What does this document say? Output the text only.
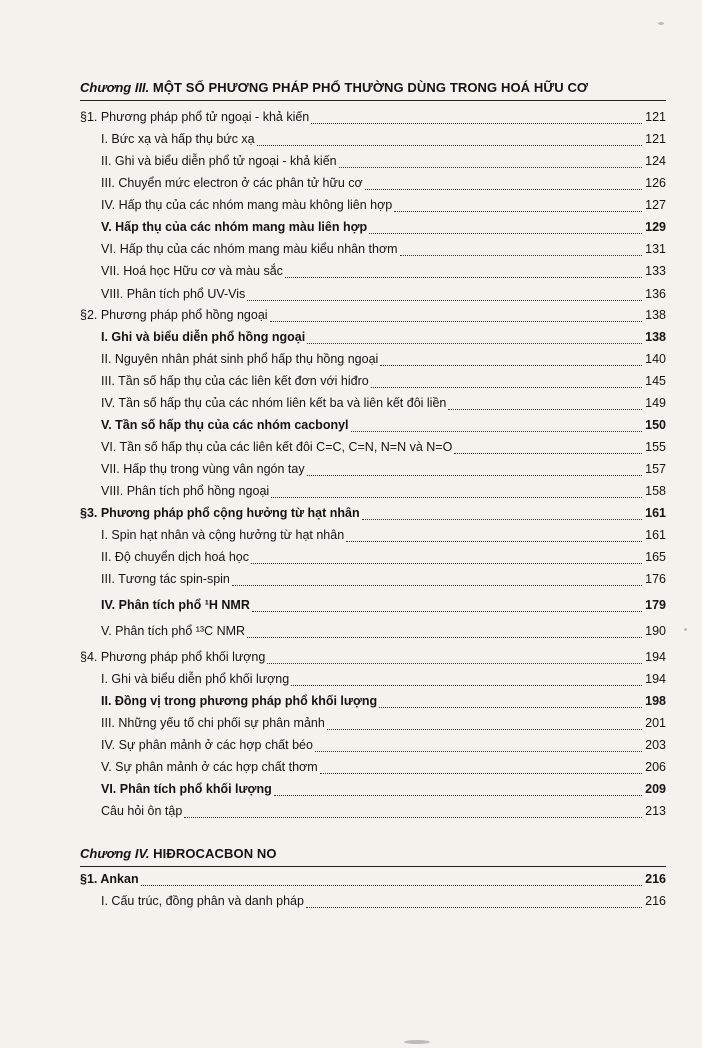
Chương III. MỘT SỐ PHƯƠNG PHÁP PHỔ THƯỜNG DÙNG TRONG HOÁ HỮU CƠ
§1. Phương pháp phổ tử ngoại - khả kiến	121
I. Bức xạ và hấp thụ bức xạ	121
II. Ghi và biểu diễn phổ tử ngoại - khả kiến	124
III. Chuyển mức electron ở các phân tử hữu cơ	126
IV. Hấp thụ của các nhóm mang màu không liên hợp	127
V. Hấp thụ của các nhóm mang màu liên hợp	129
VI. Hấp thụ của các nhóm mang màu kiểu nhân thơm	131
VII. Hoá học Hữu cơ và màu sắc	133
VIII. Phân tích phổ UV-Vis	136
§2. Phương pháp phổ hồng ngoại	138
I. Ghi và biểu diễn phổ hồng ngoại	138
II. Nguyên nhân phát sinh phổ hấp thụ hồng ngoại	140
III. Tần số hấp thụ của các liên kết đơn với hiđro	145
IV. Tần số hấp thụ của các nhóm liên kết ba và liên kết đôi liền	149
V. Tần số hấp thụ của các nhóm cacbonyl	150
VI. Tần số hấp thụ của các liên kết đôi C=C, C=N, N=N và N=O	155
VII. Hấp thụ trong vùng vân ngón tay	157
VIII. Phân tích phổ hồng ngoại	158
§3. Phương pháp phổ cộng hưởng từ hạt nhân	161
I. Spin hạt nhân và cộng hưởng từ hạt nhân	161
II. Độ chuyển dịch hoá học	165
III. Tương tác spin-spin	176
IV. Phân tích phổ ¹H NMR	179
V. Phân tích phổ ¹³C NMR	190
§4. Phương pháp phổ khối lượng	194
I. Ghi và biểu diễn phổ khối lượng	194
II. Đồng vị trong phương pháp phổ khối lượng	198
III. Những yếu tố chi phối sự phân mảnh	201
IV. Sự phân mảnh ở các hợp chất béo	203
V. Sự phân mảnh ở các hợp chất thơm	206
VI. Phân tích phổ khối lượng	209
Câu hỏi ôn tập	213
Chương IV. HIĐROCACBON NO
§1. Ankan	216
I. Cấu trúc, đồng phân và danh pháp	216
